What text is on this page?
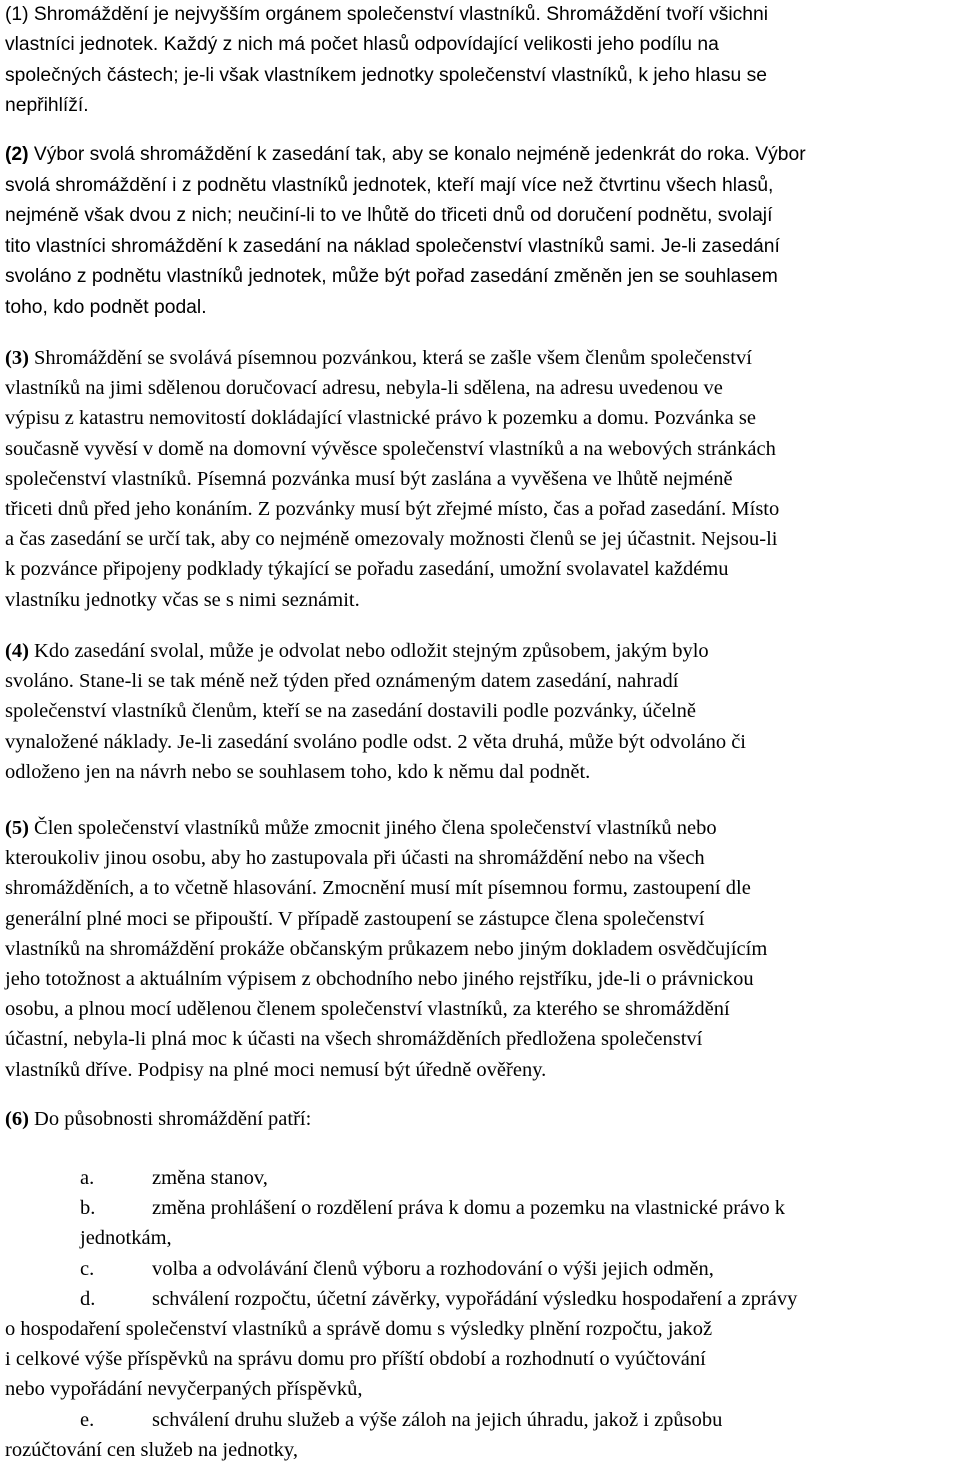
(1) Shromáždění je nejvyšším orgánem společenství vlastníků. Shromáždění tvoří všichni
vlastníci jednotek. Každý z nich má počet hlasů odpovídající velikosti jeho podílu na
společných částech; je-li však vlastníkem jednotky společenství vlastníků, k jeho hlasu se
nepřihlíží.
(2) Výbor svolá shromáždění k zasedání tak, aby se konalo nejméně jedenkrát do roka. Výbor
svolá shromáždění i z podnětu vlastníků jednotek, kteří mají více než čtvrtinu všech hlasů,
nejméně však dvou z nich; neučiní-li to ve lhůtě do třiceti dnů od doručení podnětu, svolají
tito vlastníci shromáždění k zasedání na náklad společenství vlastníků sami. Je-li zasedání
svoláno z podnětu vlastníků jednotek, může být pořad zasedání změněn jen se souhlasem
toho, kdo podnět podal.
(3) Shromáždění se svolává písemnou pozvánkou, která se zašle všem členům společenství
vlastníků na jimi sdělenou doručovací adresu, nebyla-li sdělena, na adresu uvedenou ve
výpisu z katastru nemovitostí dokládající vlastnické právo k pozemku a domu. Pozvánka se
současně vyvěsí v domě na domovní vývěsce společenství vlastníků a na webových stránkách
společenství vlastníků. Písemná pozvánka musí být zaslána a vyvěšena ve lhůtě nejméně
třiceti dnů před jeho konáním. Z pozvánky musí být zřejmé místo, čas a pořad zasedání. Místo
a čas zasedání se určí tak, aby co nejméně omezovaly možnosti členů se jej účastnit. Nejsou-li
k pozvánce připojeny podklady týkající se pořadu zasedání, umožní svolavatel každému
vlastníku jednotky včas se s nimi seznámit.
(4) Kdo zasedání svolal, může je odvolat nebo odložit stejným způsobem, jakým bylo
svoláno. Stane-li se tak méně než týden před oznámeným datem zasedání, nahradí
společenství vlastníků členům, kteří se na zasedání dostavili podle pozvánky, účelně
vynaložené náklady. Je-li zasedání svoláno podle odst. 2 věta druhá, může být odvoláno či
odloženo jen na návrh nebo se souhlasem toho, kdo k němu dal podnět.
(5) Člen společenství vlastníků může zmocnit jiného člena společenství vlastníků nebo
kteroukoliv jinou osobu, aby ho zastupovala při účasti na shromáždění nebo na všech
shromážděních, a to včetně hlasování. Zmocnění musí mít písemnou formu, zastoupení dle
generální plné moci se připouští. V případě zastoupení se zástupce člena společenství
vlastníků na shromáždění prokáže občanským průkazem nebo jiným dokladem osvědčujícím
jeho totožnost a aktuálním výpisem z obchodního nebo jiného rejstříku, jde-li o právnickou
osobu, a plnou mocí udělenou členem společenství vlastníků, za kterého se shromáždění
účastní, nebyla-li plná moc k účasti na všech shromážděních předložena společenství
vlastníků dříve. Podpisy na plné moci nemusí být úředně ověřeny.
(6) Do působnosti shromáždění patří:
a.	změna stanov,
b.	změna prohlášení o rozdělení práva k domu a pozemku na vlastnické právo k
jednotkám,
c.	volba a odvolávání členů výboru a rozhodování o výši jejich odměn,
d.	schválení rozpočtu, účetní závěrky, vypořádání výsledku hospodaření a zprávy
o hospodaření společenství vlastníků a správě domu s výsledky plnění rozpočtu, jakož
i celkové výše příspěvků na správu domu pro příští období a rozhodnutí o vyúčtování
nebo vypořádání nevyčerpaných příspěvků,
e.	schválení druhu služeb a výše záloh na jejich úhradu, jakož i způsobu
rozúčtování cen služeb na jednotky,
